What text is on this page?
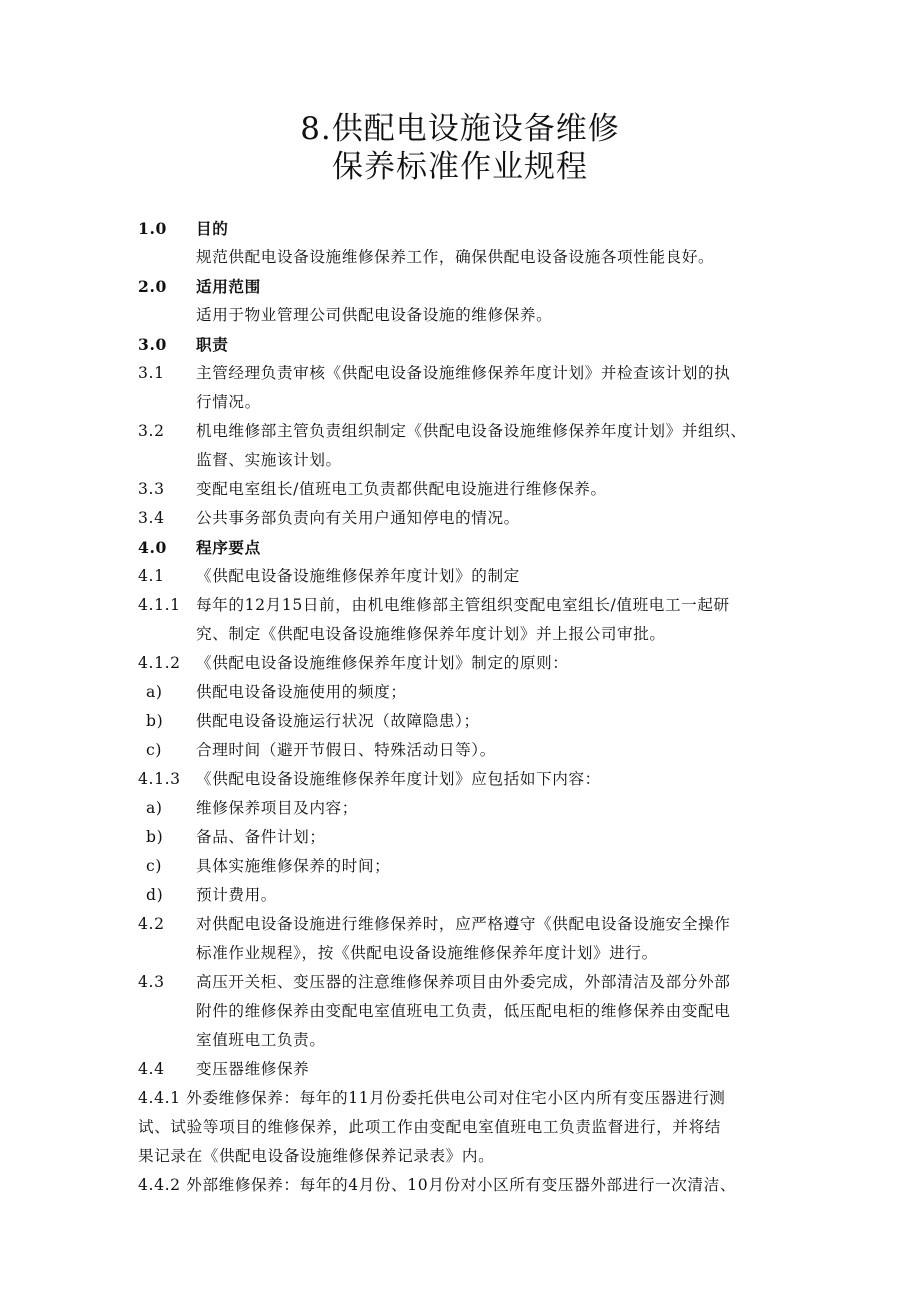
8.供配电设施设备维修
保养标准作业规程
1.0	目的
规范供配电设备设施维修保养工作，确保供配电设备设施各项性能良好。
2.0	适用范围
适用于物业管理公司供配电设备设施的维修保养。
3.0	职责
3.1	主管经理负责审核《供配电设备设施维修保养年度计划》并检查该计划的执
行情况。
3.2	机电维修部主管负责组织制定《供配电设备设施维修保养年度计划》并组织、
监督、实施该计划。
3.3	变配电室组长/值班电工负责都供配电设施进行维修保养。
3.4	公共事务部负责向有关用户通知停电的情况。
4.0	程序要点
4.1	《供配电设备设施维修保养年度计划》的制定
4.1.1 每年的12月15日前，由机电维修部主管组织变配电室组长/值班电工一起研
究、制定《供配电设备设施维修保养年度计划》并上报公司审批。
4.1.2 《供配电设备设施维修保养年度计划》制定的原则：
a)	供配电设备设施使用的频度；
b)	供配电设备设施运行状况（故障隐患）；
c)	合理时间（避开节假日、特殊活动日等）。
4.1.3 《供配电设备设施维修保养年度计划》应包括如下内容：
a)	维修保养项目及内容；
b)	备品、备件计划；
c)	具体实施维修保养的时间；
d)	预计费用。
4.2	对供配电设备设施进行维修保养时，应严格遵守《供配电设备设施安全操作
标准作业规程》，按《供配电设备设施维修保养年度计划》进行。
4.3	高压开关柜、变压器的注意维修保养项目由外委完成，外部清洁及部分外部
附件的维修保养由变配电室值班电工负责，低压配电柜的维修保养由变配电
室值班电工负责。
4.4	变压器维修保养
4.4.1 外委维修保养：每年的11月份委托供电公司对住宅小区内所有变压器进行测
试、试验等项目的维修保养，此项工作由变配电室值班电工负责监督进行，并将结
果记录在《供配电设备设施维修保养记录表》内。
4.4.2 外部维修保养：每年的4月份、10月份对小区所有变压器外部进行一次清洁、
